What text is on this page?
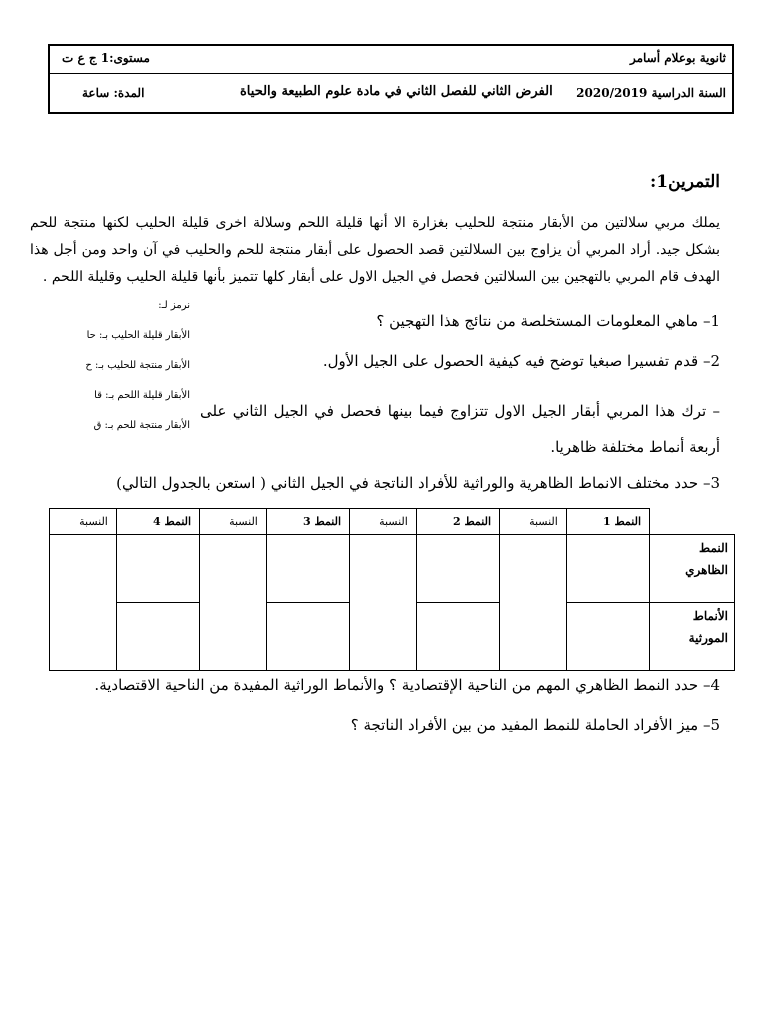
ثانوية بوعلام أسامر
مستوى:1 ج ع ت
السنة الدراسية 2020/2019
الفرض الثاني للفصل الثاني في مادة علوم الطبيعة والحياة
المدة: ساعة
التمرين1:
يملك مربي سلالتين من الأبقار منتجة للحليب بغزارة الا أنها قليلة اللحم وسلالة اخرى قليلة الحليب لكنها منتجة للحم بشكل جيد. أراد المربي أن يزاوج بين السلالتين قصد الحصول على أبقار منتجة للحم والحليب في آن واحد ومن أجل هذا الهدف قام المربي بالتهجين بين السلالتين فحصل في الجيل الاول على أبقار كلها تتميز بأنها قليلة الحليب وقليلة اللحم .
نرمز لـ:
الأبقار قليلة الحليب بـ: حا
الأبقار منتجة للحليب بـ: ح
الأبقار قليلة اللحم بـ: قا
الأبقار منتجة للحم بـ: ق
1– ماهي المعلومات المستخلصة من نتائج هذا التهجين ؟
2– قدم تفسيرا صبغيا توضح فيه كيفية الحصول على الجيل الأول.
– ترك هذا المربي أبقار الجيل الاول تتزاوج فيما بينها فحصل في الجيل الثاني على أربعة أنماط مختلفة ظاهريا.
3– حدد مختلف الانماط الظاهرية والوراثية للأفراد الناتجة في الجيل الثاني ( استعن بالجدول التالي)
	النمط 1	النسبة	النمط 2	النسبة	النمط 3	النسبة	النمط 4	النسبة
النمط الظاهري								
الأنماط المورثية								
4– حدد النمط الظاهري المهم من الناحية الإقتصادية ؟ والأنماط الوراثية المفيدة من الناحية الاقتصادية.
5– ميز الأفراد الحاملة للنمط المفيد من بين الأفراد الناتجة ؟
